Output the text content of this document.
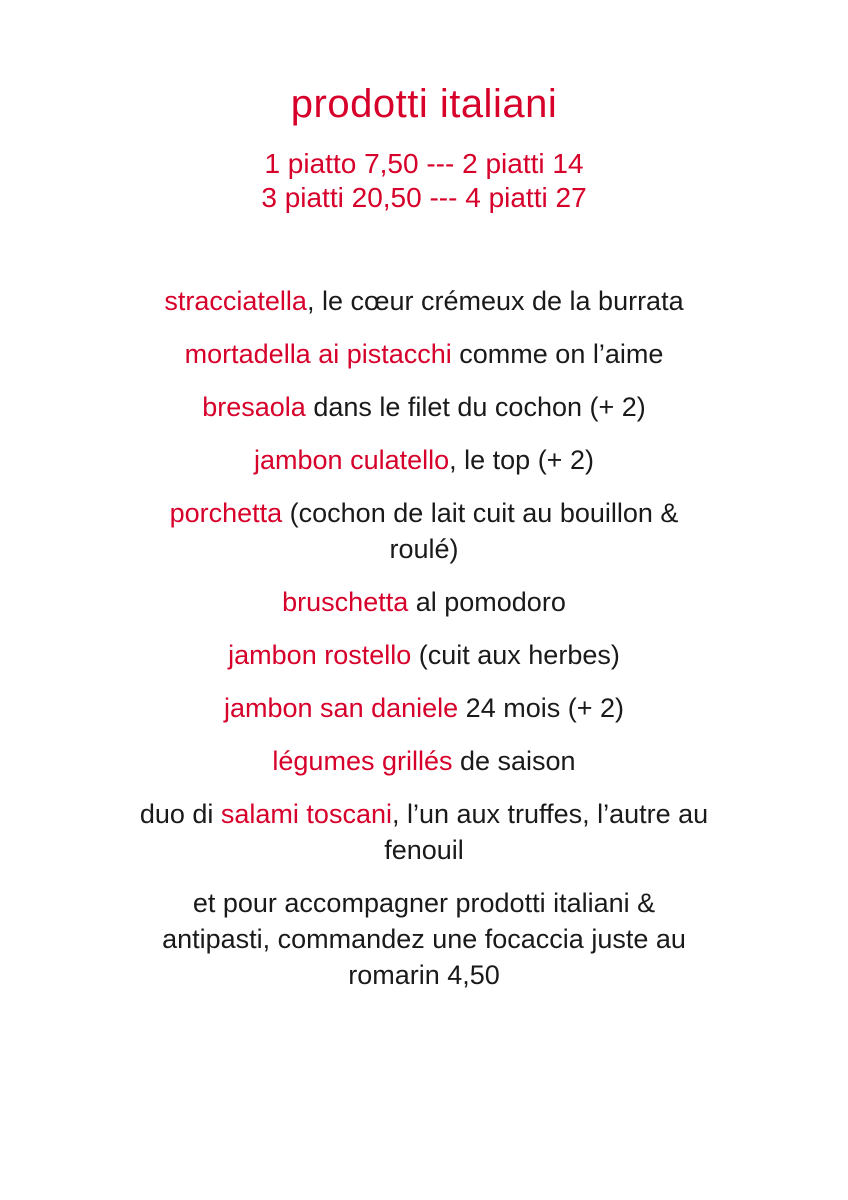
prodotti italiani
1 piatto 7,50 --- 2 piatti 14
3 piatti 20,50 --- 4 piatti 27

stracciatella, le cœur crémeux de la burrata

mortadella ai pistacchi comme on l’aime

bresaola dans le filet du cochon (+ 2)

jambon culatello, le top (+ 2)

porchetta (cochon de lait cuit au bouillon &
roulé)

bruschetta al pomodoro

jambon rostello (cuit aux herbes)

jambon san daniele 24 mois (+ 2)

légumes grillés de saison

duo di salami toscani, l’un aux truffes, l’autre au
fenouil

et pour accompagner prodotti italiani &
antipasti, commandez une focaccia juste au
romarin 4,50
